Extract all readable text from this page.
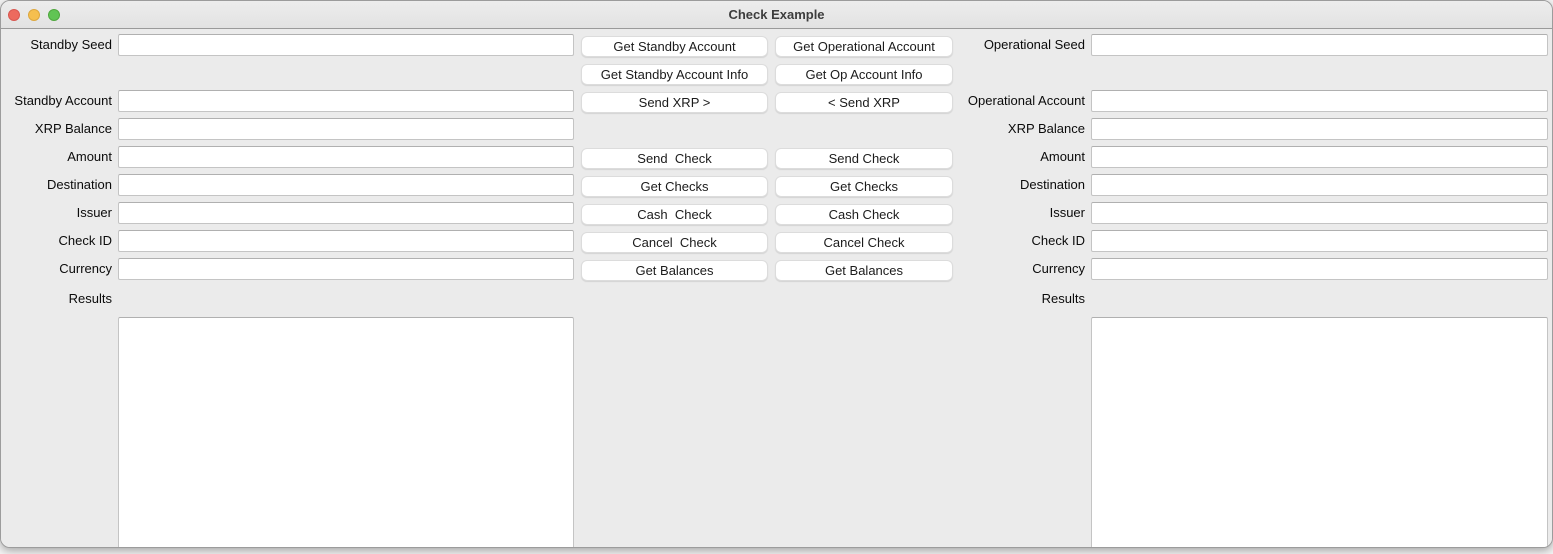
Check Example
Standby Seed
Standby Account
XRP Balance
Amount
Destination
Issuer
Check ID
Currency
Results
Get Standby Account
Get Standby Account Info
Send XRP >
Send  Check
Get Checks
Cash  Check
Cancel  Check
Get Balances
Get Operational Account
Get Op Account Info
< Send XRP
Send Check
Get Checks
Cash Check
Cancel Check
Get Balances
Operational Seed
Operational Account
XRP Balance
Amount
Destination
Issuer
Check ID
Currency
Results
